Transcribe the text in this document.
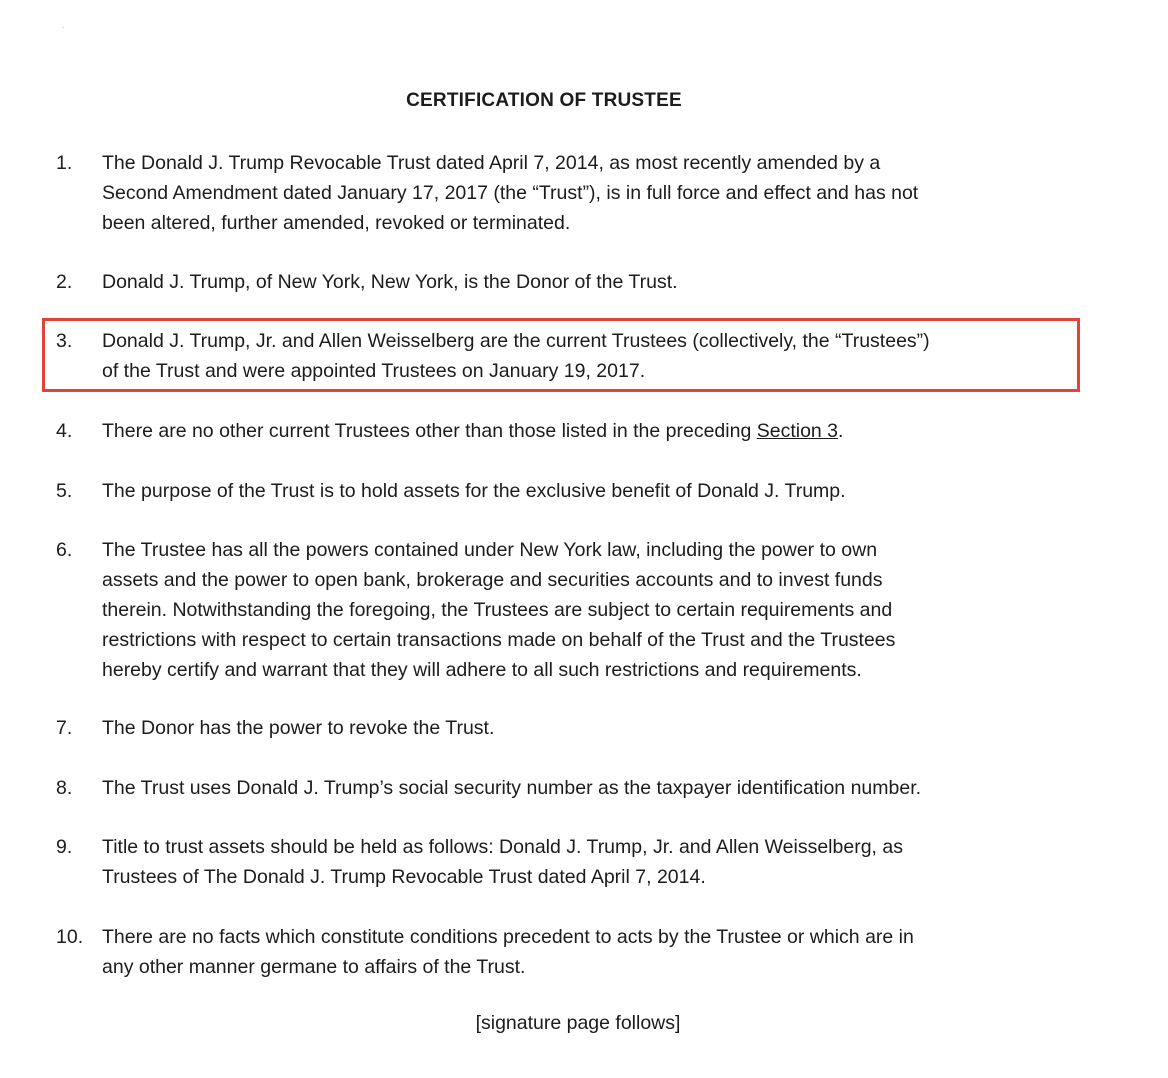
CERTIFICATION OF TRUSTEE
1.	The Donald J. Trump Revocable Trust dated April 7, 2014, as most recently amended by a
Second Amendment dated January 17, 2017 (the “Trust”), is in full force and effect and has not
been altered, further amended, revoked or terminated.
2.	Donald J. Trump, of New York, New York, is the Donor of the Trust.
3.	Donald J. Trump, Jr. and Allen Weisselberg are the current Trustees (collectively, the “Trustees”)
of the Trust and were appointed Trustees on January 19, 2017.
4.	There are no other current Trustees other than those listed in the preceding Section 3.
5.	The purpose of the Trust is to hold assets for the exclusive benefit of Donald J. Trump.
6.	The Trustee has all the powers contained under New York law, including the power to own
assets and the power to open bank, brokerage and securities accounts and to invest funds
therein. Notwithstanding the foregoing, the Trustees are subject to certain requirements and
restrictions with respect to certain transactions made on behalf of the Trust and the Trustees
hereby certify and warrant that they will adhere to all such restrictions and requirements.
7.	The Donor has the power to revoke the Trust.
8.	The Trust uses Donald J. Trump’s social security number as the taxpayer identification number.
9.	Title to trust assets should be held as follows: Donald J. Trump, Jr. and Allen Weisselberg, as
Trustees of The Donald J. Trump Revocable Trust dated April 7, 2014.
10. There are no facts which constitute conditions precedent to acts by the Trustee or which are in
any other manner germane to affairs of the Trust.
[signature page follows]
